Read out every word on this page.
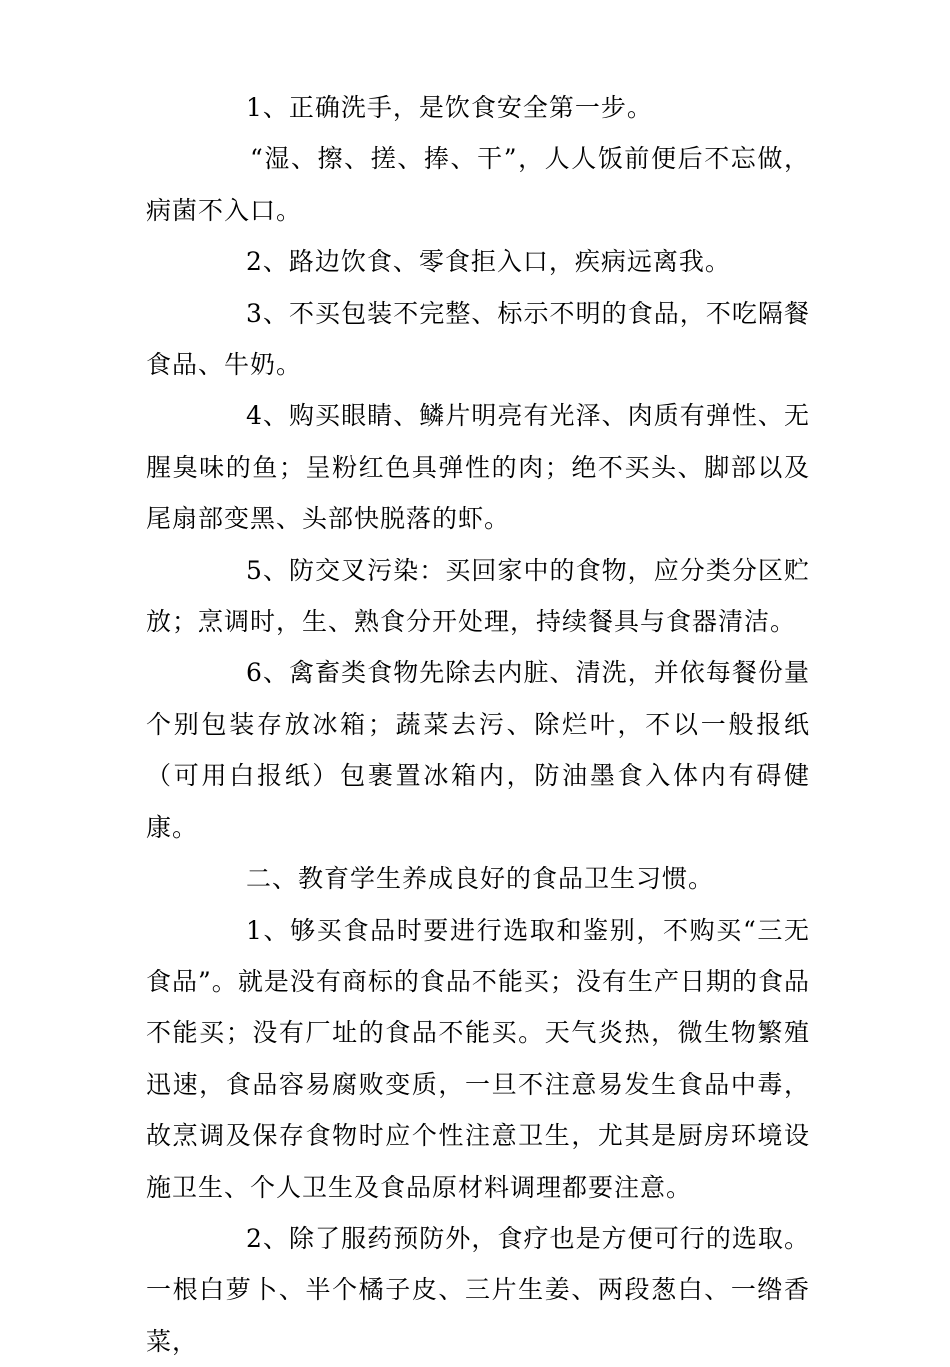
1、正确洗手，是饮食安全第一步。

“湿、擦、搓、捧、干”，人人饭前便后不忘做，病菌不入口。

2、路边饮食、零食拒入口，疾病远离我。

3、不买包装不完整、标示不明的食品，不吃隔餐食品、牛奶。

4、购买眼睛、鳞片明亮有光泽、肉质有弹性、无腥臭味的鱼；呈粉红色具弹性的肉；绝不买头、脚部以及尾扇部变黑、头部快脱落的虾。

5、防交叉污染：买回家中的食物，应分类分区贮放；烹调时，生、熟食分开处理，持续餐具与食器清洁。

6、禽畜类食物先除去内脏、清洗，并依每餐份量个别包装存放冰箱；蔬菜去污、除烂叶，不以一般报纸（可用白报纸）包裹置冰箱内，防油墨食入体内有碍健康。

二、教育学生养成良好的食品卫生习惯。

1、够买食品时要进行选取和鉴别，不购买“三无食品”。就是没有商标的食品不能买；没有生产日期的食品不能买；没有厂址的食品不能买。天气炎热，微生物繁殖迅速，食品容易腐败变质，一旦不注意易发生食品中毒，故烹调及保存食物时应个性注意卫生，尤其是厨房环境设施卫生、个人卫生及食品原材料调理都要注意。

2、除了服药预防外，食疗也是方便可行的选取。一根白萝卜、半个橘子皮、三片生姜、两段葱白、一绺香菜，
